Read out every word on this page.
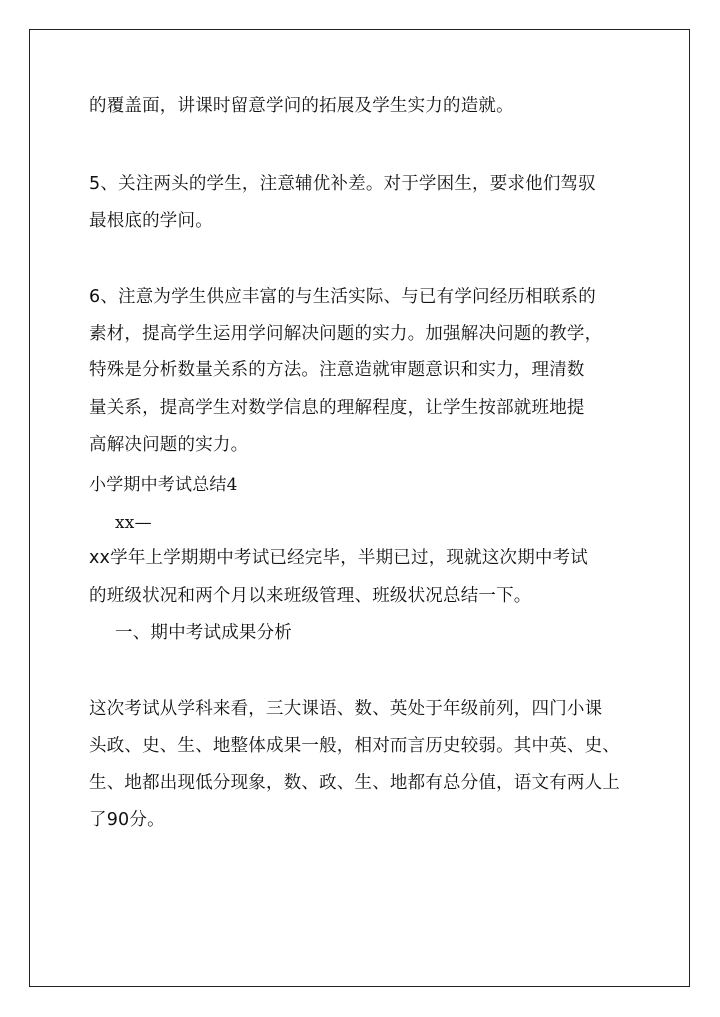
的覆盖面，讲课时留意学问的拓展及学生实力的造就。
5、关注两头的学生，注意辅优补差。对于学困生，要求他们驾驭
最根底的学问。
6、注意为学生供应丰富的与生活实际、与已有学问经历相联系的
素材，提高学生运用学问解决问题的实力。加强解决问题的教学，
特殊是分析数量关系的方法。注意造就审题意识和实力，理清数
量关系，提高学生对数学信息的理解程度，让学生按部就班地提
高解决问题的实力。
小学期中考试总结4
xx—
xx学年上学期期中考试已经完毕，半期已过，现就这次期中考试
的班级状况和两个月以来班级管理、班级状况总结一下。
一、期中考试成果分析
这次考试从学科来看，三大课语、数、英处于年级前列，四门小课
头政、史、生、地整体成果一般，相对而言历史较弱。其中英、史、
生、地都出现低分现象，数、政、生、地都有总分值，语文有两人上
了90分。
